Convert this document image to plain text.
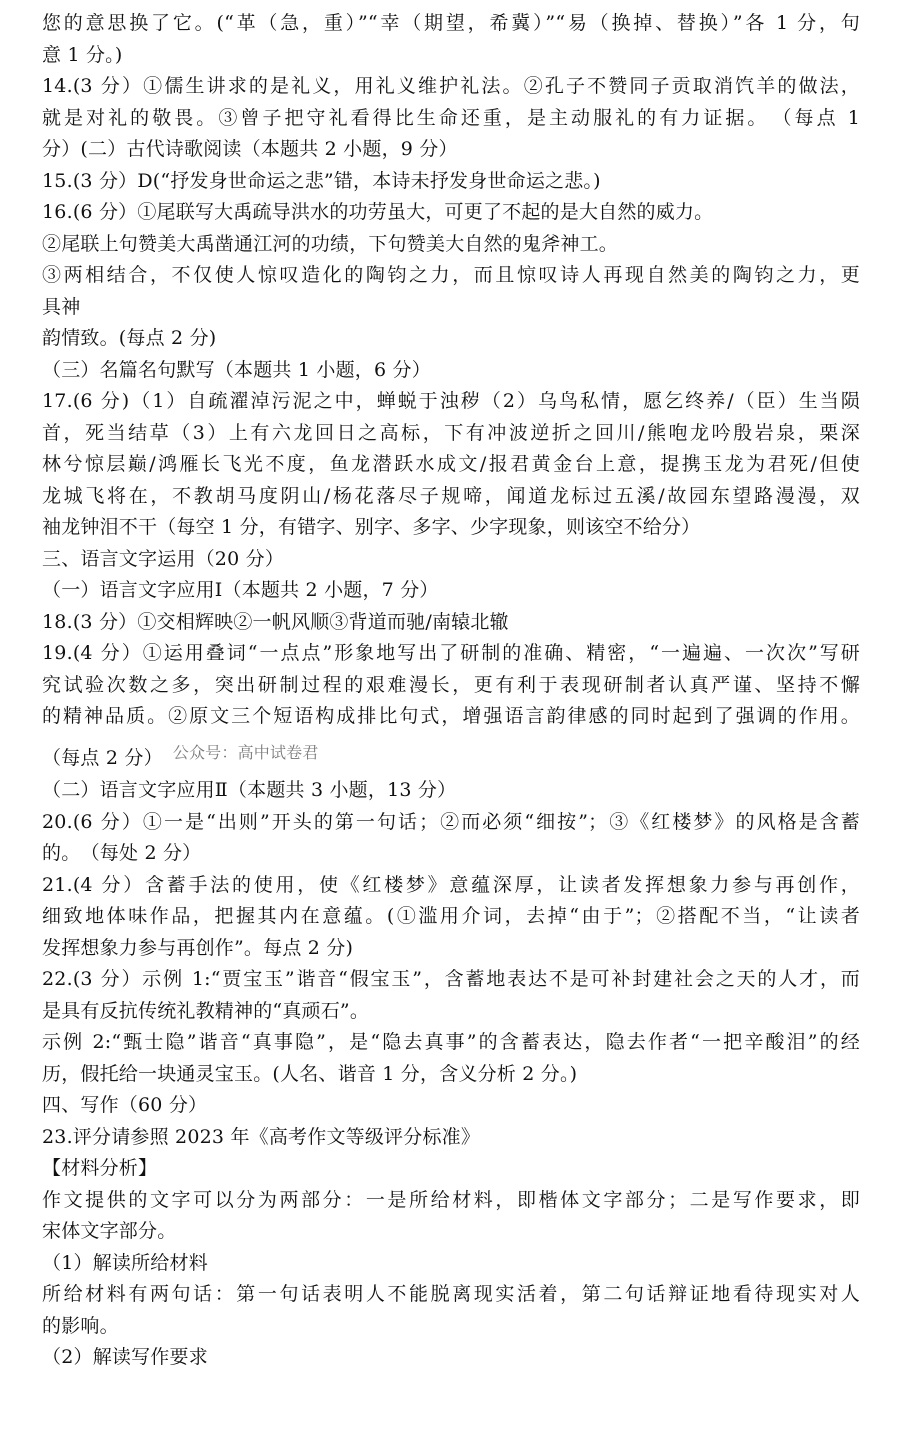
您的意思换了它。(“革（急，重）”“幸（期望，希冀）”“易（换掉、替换）”各 1 分，句
意 1 分。)
14.(3 分）①儒生讲求的是礼义，用礼义维护礼法。②孔子不赞同子贡取消饩羊的做法，
就是对礼的敬畏。③曾子把守礼看得比生命还重，是主动服礼的有力证据。　（每点 1
分）(二）古代诗歌阅读（本题共 2 小题，9 分）
15.(3 分）D(“抒发身世命运之悲”错，本诗未抒发身世命运之悲。)
16.(6 分）①尾联写大禹疏导洪水的功劳虽大，可更了不起的是大自然的威力。
②尾联上句赞美大禹凿通江河的功绩，下句赞美大自然的鬼斧神工。
③两相结合，不仅使人惊叹造化的陶钧之力，而且惊叹诗人再现自然美的陶钧之力，更
具神
韵情致。(每点 2 分)
（三）名篇名句默写（本题共 1 小题，6 分）
17.(6 分)（1）自疏濯淖污泥之中，蝉蜕于浊秽（2）乌鸟私情，愿乞终养/（臣）生当陨
首，死当结草（3）上有六龙回日之高标，下有冲波逆折之回川/熊咆龙吟殷岩泉，栗深
林兮惊层巅/鸿雁长飞光不度，鱼龙潜跃水成文/报君黄金台上意，提携玉龙为君死/但使
龙城飞将在，不教胡马度阴山/杨花落尽子规啼，闻道龙标过五溪/故园东望路漫漫，双
袖龙钟泪不干（每空 1 分，有错字、别字、多字、少字现象，则该空不给分）
三、语言文字运用（20 分）
（一）语言文字应用Ⅰ（本题共 2 小题，7 分）
18.(3 分）①交相辉映②一帆风顺③背道而驰/南辕北辙
19.(4 分）①运用叠词“一点点”形象地写出了研制的准确、精密，“一遍遍、一次次”写研
究试验次数之多，突出研制过程的艰难漫长，更有利于表现研制者认真严谨、坚持不懈
的精神品质。②原文三个短语构成排比句式，增强语言韵律感的同时起到了强调的作用。
（每点 2 分） 公众号：高中试卷君
（二）语言文字应用Ⅱ（本题共 3 小题，13 分）
20.(6 分）①一是“出则”开头的第一句话；②而必须“细按”；③《红楼梦》的风格是含蓄
的。　（每处 2 分）
21.(4 分）含蓄手法的使用，使《红楼梦》意蕴深厚，让读者发挥想象力参与再创作，
细致地体味作品，把握其内在意蕴。(①滥用介词，去掉“由于”；②搭配不当，“让读者
发挥想象力参与再创作”。每点 2 分)
22.(3 分）示例 1:“贾宝玉”谐音“假宝玉”，含蓄地表达不是可补封建社会之天的人才，而
是具有反抗传统礼教精神的“真顽石”。
示例 2:“甄士隐”谐音“真事隐”，是“隐去真事”的含蓄表达，隐去作者“一把辛酸泪”的经
历，假托给一块通灵宝玉。(人名、谐音 1 分，含义分析 2 分。)
四、写作（60 分）
23.评分请参照 2023 年《高考作文等级评分标准》
【材料分析】
作文提供的文字可以分为两部分：一是所给材料，即楷体文字部分；二是写作要求，即
宋体文字部分。
（1）解读所给材料
所给材料有两句话：第一句话表明人不能脱离现实活着，第二句话辩证地看待现实对人
的影响。
（2）解读写作要求
